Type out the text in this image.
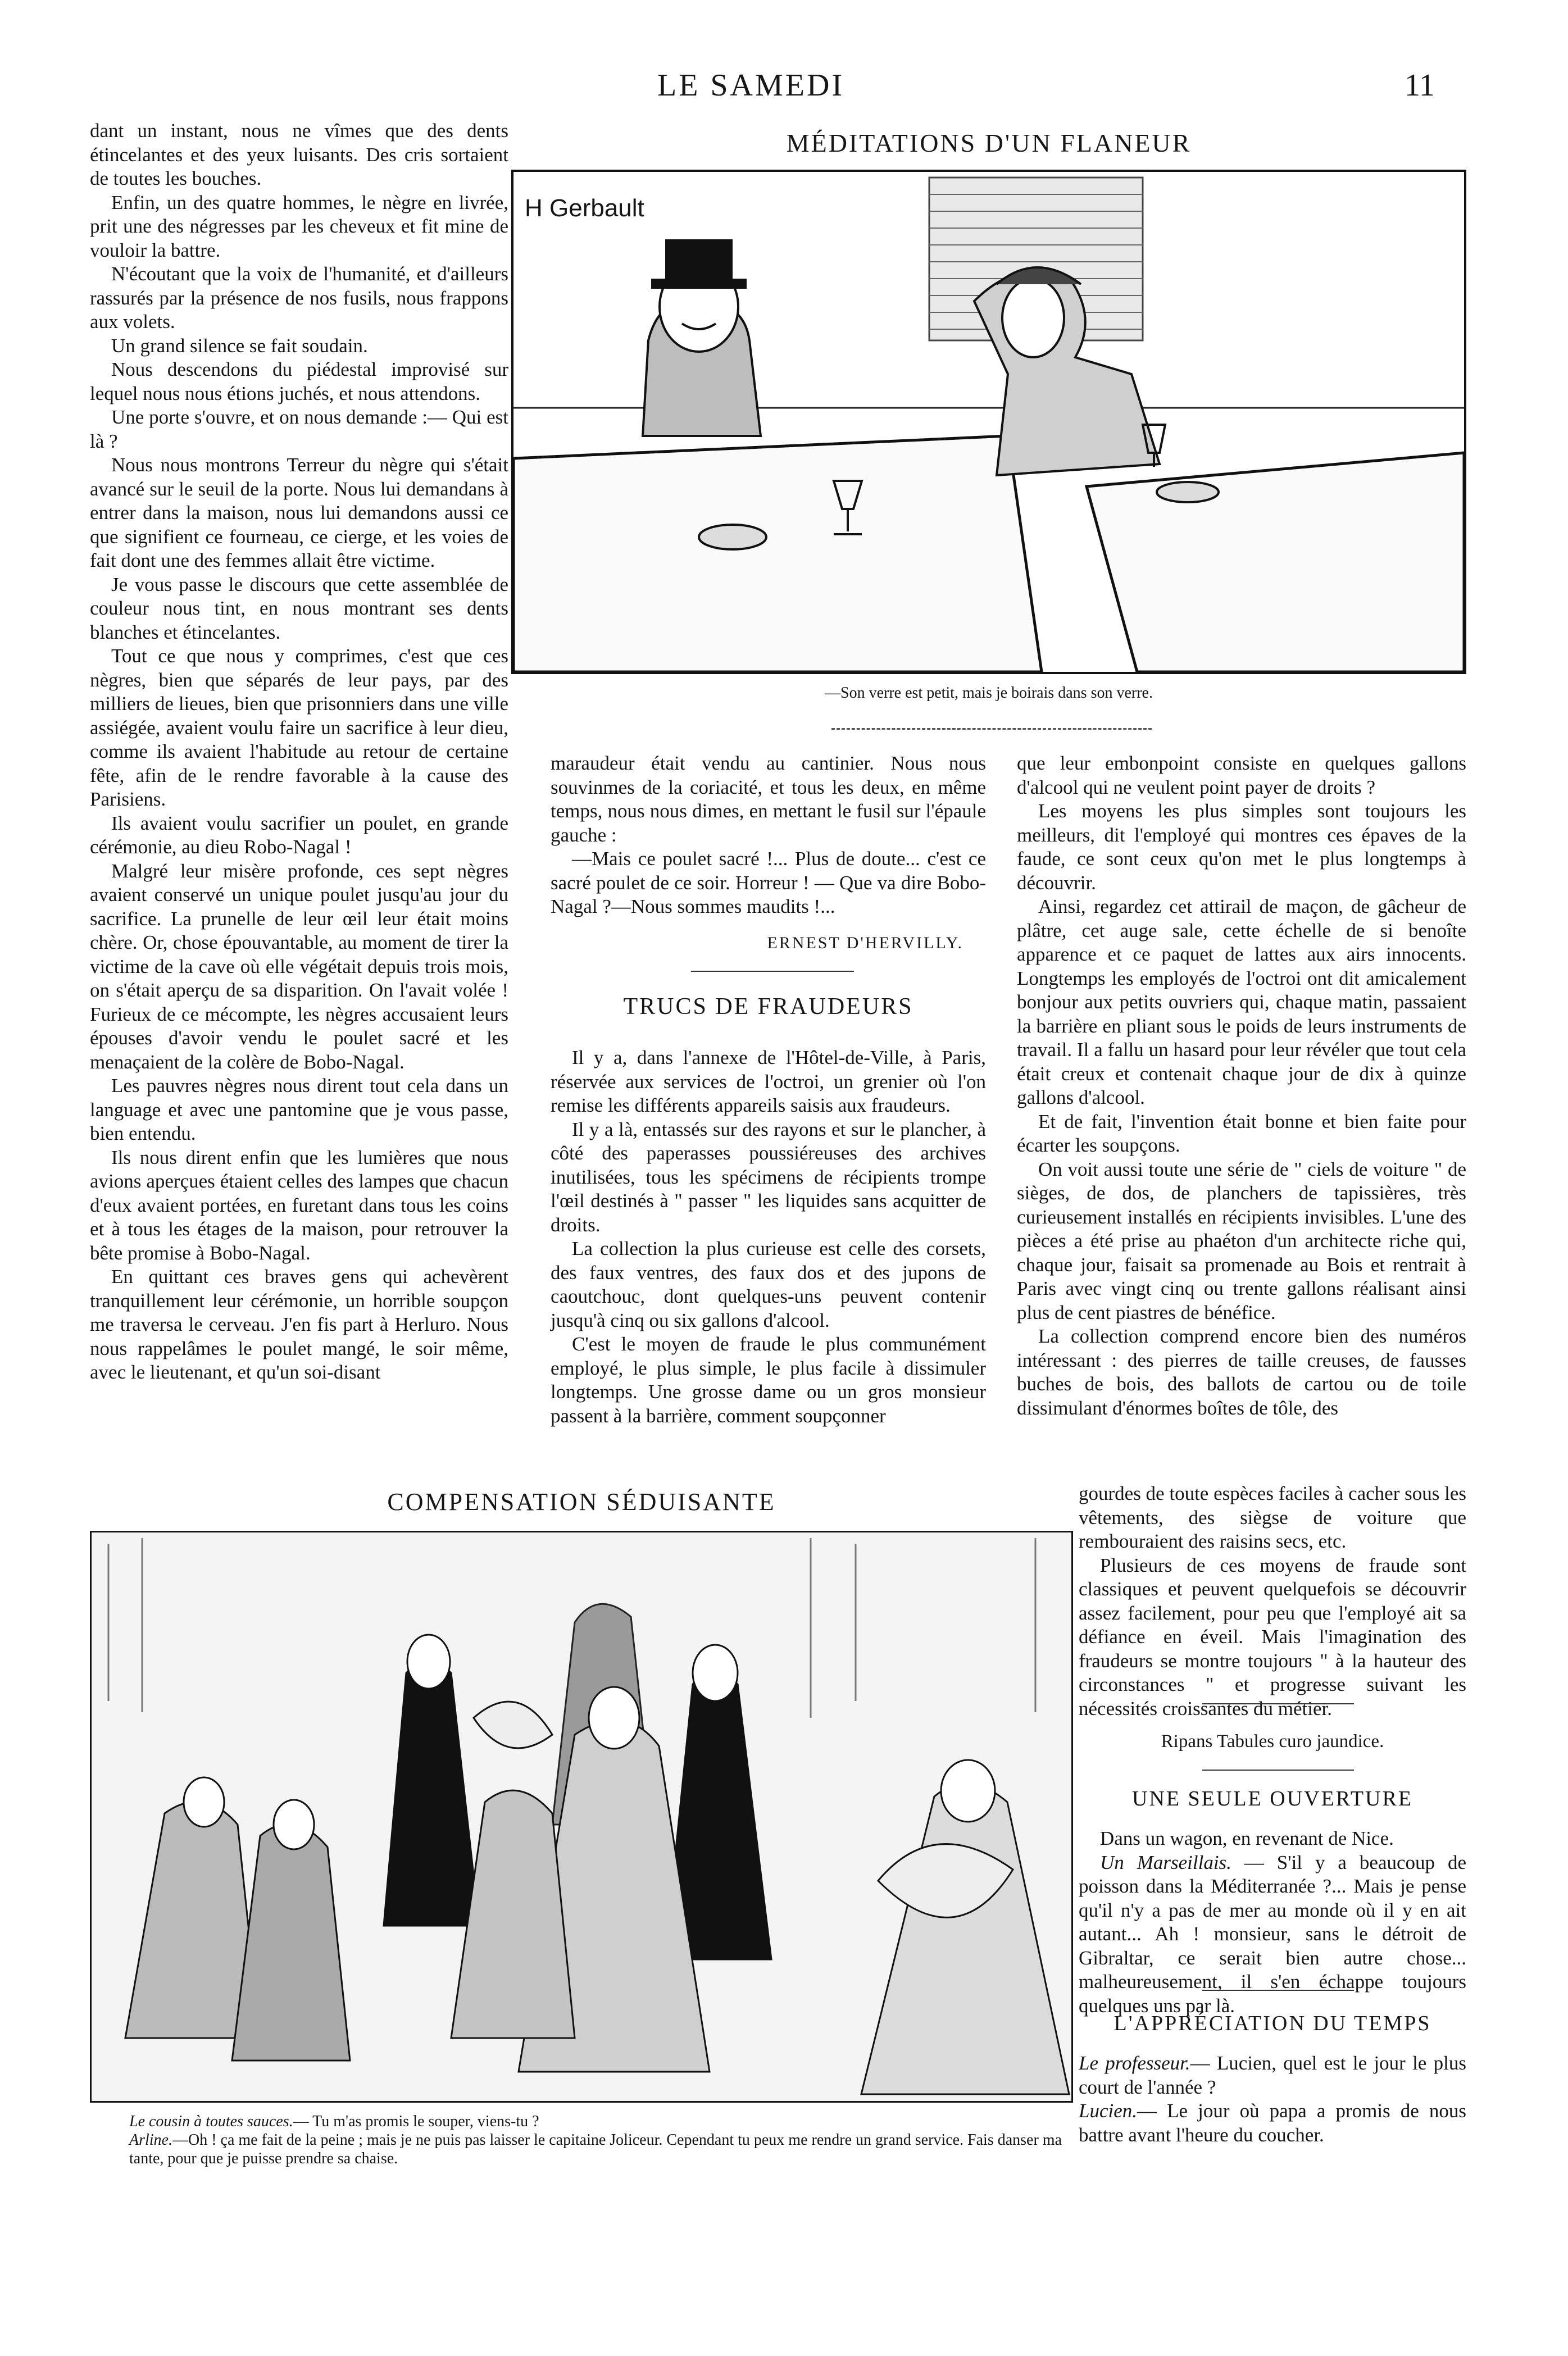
LE SAMEDI	11

dant un instant, nous ne vîmes que des dents étincelantes et des yeux luisants. Des cris sortaient de toutes les bouches.

Enfin, un des quatre hommes, le nègre en livrée, prit une des négresses par les cheveux et fit mine de vouloir la battre.

N'écoutant que la voix de l'humanité, et d'ailleurs rassurés par la présence de nos fusils, nous frappons aux volets.

Un grand silence se fait soudain.

Nous descendons du piédestal improvisé sur lequel nous nous étions juchés, et nous attendons.

Une porte s'ouvre, et on nous demande :— Qui est là ?

Nous nous montrons Terreur du nègre qui s'était avancé sur le seuil de la porte. Nous lui demandans à entrer dans la maison, nous lui demandons aussi ce que signifient ce fourneau, ce cierge, et les voies de fait dont une des femmes allait être victime.

Je vous passe le discours que cette assemblée de couleur nous tint, en nous montrant ses dents blanches et étincelantes.

Tout ce que nous y comprimes, c'est que ces nègres, bien que séparés de leur pays, par des milliers de lieues, bien que prisonniers dans une ville assiégée, avaient voulu faire un sacrifice à leur dieu, comme ils avaient l'habitude au retour de certaine fête, afin de le rendre favorable à la cause des Parisiens.

Ils avaient voulu sacrifier un poulet, en grande cérémonie, au dieu Robo-Nagal !

Malgré leur misère profonde, ces sept nègres avaient conservé un unique poulet jusqu'au jour du sacrifice. La prunelle de leur œil leur était moins chère. Or, chose épouvantable, au moment de tirer la victime de la cave où elle végétait depuis trois mois, on s'était aperçu de sa disparition. On l'avait volée ! Furieux de ce mécompte, les nègres accusaient leurs épouses d'avoir vendu le poulet sacré et les menaçaient de la colère de Bobo-Nagal.

Les pauvres nègres nous dirent tout cela dans un language et avec une pantomine que je vous passe, bien entendu.

Ils nous dirent enfin que les lumières que nous avions aperçues étaient celles des lampes que chacun d'eux avaient portées, en furetant dans tous les coins et à tous les étages de la maison, pour retrouver la bête promise à Bobo-Nagal.

En quittant ces braves gens qui achevèrent tranquillement leur cérémonie, un horrible soupçon me traversa le cerveau. J'en fis part à Herluro. Nous nous rappelâmes le poulet mangé, le soir même, avec le lieutenant, et qu'un soi-disant

MÉDITATIONS D'UN FLANEUR
H Gerbault
—Son verre est petit, mais je boirais dans son verre.

maraudeur était vendu au cantinier. Nous nous souvinmes de la coriacité, et tous les deux, en même temps, nous nous dimes, en mettant le fusil sur l'épaule gauche :

—Mais ce poulet sacré !... Plus de doute... c'est ce sacré poulet de ce soir. Horreur ! — Que va dire Bobo-Nagal ?—Nous sommes maudits !...

ERNEST D'HERVILLY.
TRUCS DE FRAUDEURS

Il y a, dans l'annexe de l'Hôtel-de-Ville, à Paris, réservée aux services de l'octroi, un grenier où l'on remise les différents appareils saisis aux fraudeurs.

Il y a là, entassés sur des rayons et sur le plancher, à côté des paperasses poussiéreuses des archives inutilisées, tous les spécimens de récipients trompe l'œil destinés à " passer " les liquides sans acquitter de droits.

La collection la plus curieuse est celle des corsets, des faux ventres, des faux dos et des jupons de caoutchouc, dont quelques-uns peuvent contenir jusqu'à cinq ou six gallons d'alcool.

C'est le moyen de fraude le plus communément employé, le plus simple, le plus facile à dissimuler longtemps. Une grosse dame ou un gros monsieur passent à la barrière, comment soupçonner

que leur embonpoint consiste en quelques gallons d'alcool qui ne veulent point payer de droits ?

Les moyens les plus simples sont toujours les meilleurs, dit l'employé qui montres ces épaves de la faude, ce sont ceux qu'on met le plus longtemps à découvrir.

Ainsi, regardez cet attirail de maçon, de gâcheur de plâtre, cet auge sale, cette échelle de si benoîte apparence et ce paquet de lattes aux airs innocents. Longtemps les employés de l'octroi ont dit amicalement bonjour aux petits ouvriers qui, chaque matin, passaient la barrière en pliant sous le poids de leurs instruments de travail. Il a fallu un hasard pour leur révéler que tout cela était creux et contenait chaque jour de dix à quinze gallons d'alcool.

Et de fait, l'invention était bonne et bien faite pour écarter les soupçons.

On voit aussi toute une série de " ciels de voiture " de sièges, de dos, de planchers de tapissières, très curieusement installés en récipients invisibles. L'une des pièces a été prise au phaéton d'un architecte riche qui, chaque jour, faisait sa promenade au Bois et rentrait à Paris avec vingt cinq ou trente gallons réalisant ainsi plus de cent piastres de bénéfice.

La collection comprend encore bien des numéros intéressant : des pierres de taille creuses, de fausses buches de bois, des ballots de cartou ou de toile dissimulant d'énormes boîtes de tôle, des

gourdes de toute espèces faciles à cacher sous les vêtements, des siègse de voiture que rembouraient des raisins secs, etc.

Plusieurs de ces moyens de fraude sont classiques et peuvent quelquefois se découvrir assez facilement, pour peu que l'employé ait sa défiance en éveil. Mais l'imagination des fraudeurs se montre toujours " à la hauteur des circonstances " et progresse suivant les nécessités croissantes du métier.

Ripans Tabules curo jaundice.
UNE SEULE OUVERTURE

Dans un wagon, en revenant de Nice.

Un Marseillais. — S'il y a beaucoup de poisson dans la Méditerranée ?... Mais je pense qu'il n'y a pas de mer au monde où il y en ait autant... Ah ! monsieur, sans le détroit de Gibraltar, ce serait bien autre chose... malheureusement, il s'en échappe toujours quelques uns par là.

L'APPRÉCIATION DU TEMPS

Le professeur.— Lucien, quel est le jour le plus court de l'année ?

Lucien.— Le jour où papa a promis de nous battre avant l'heure du coucher.

COMPENSATION SÉDUISANTE
Le cousin à toutes sauces.— Tu m'as promis le souper, viens-tu ?
Arline.—Oh ! ça me fait de la peine ; mais je ne puis pas laisser le capitaine Joliceur. Cependant tu peux me rendre un grand service. Fais danser ma tante, pour que je puisse prendre sa chaise.
